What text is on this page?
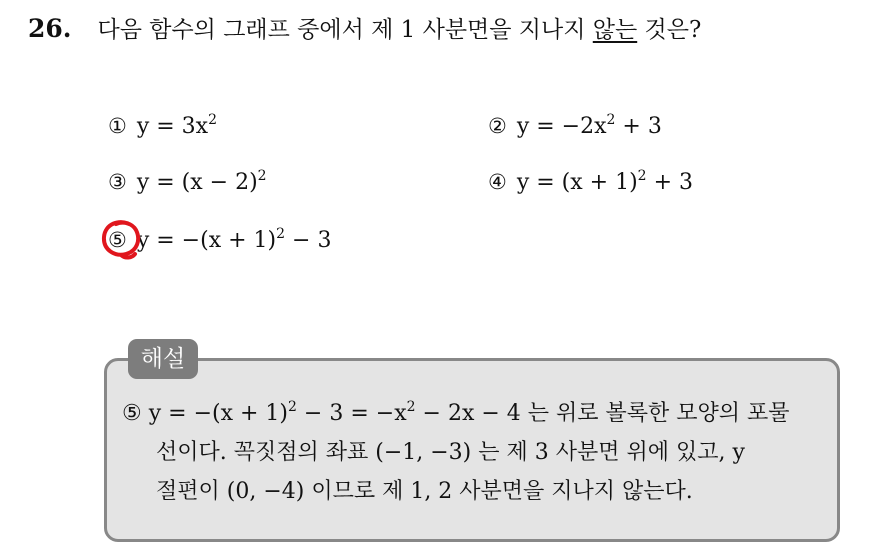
26. 다음 함수의 그래프 중에서 제 1 사분면을 지나지 않는 것은?
① $y = 3x^2$	② $y = -2x^2 + 3$
③ $y = (x - 2)^2$	④ $y = (x + 1)^2 + 3$
⑤ $y = -(x + 1)^2 - 3$
해설
⑤ $y = -(x + 1)^2 - 3 = -x^2 - 2x - 4$ 는 위로 볼록한 모양의 포물
선이다. 꼭짓점의 좌표 (−1, −3) 는 제 3 사분면 위에 있고, y
절편이 (0, −4) 이므로 제 1, 2 사분면을 지나지 않는다.
